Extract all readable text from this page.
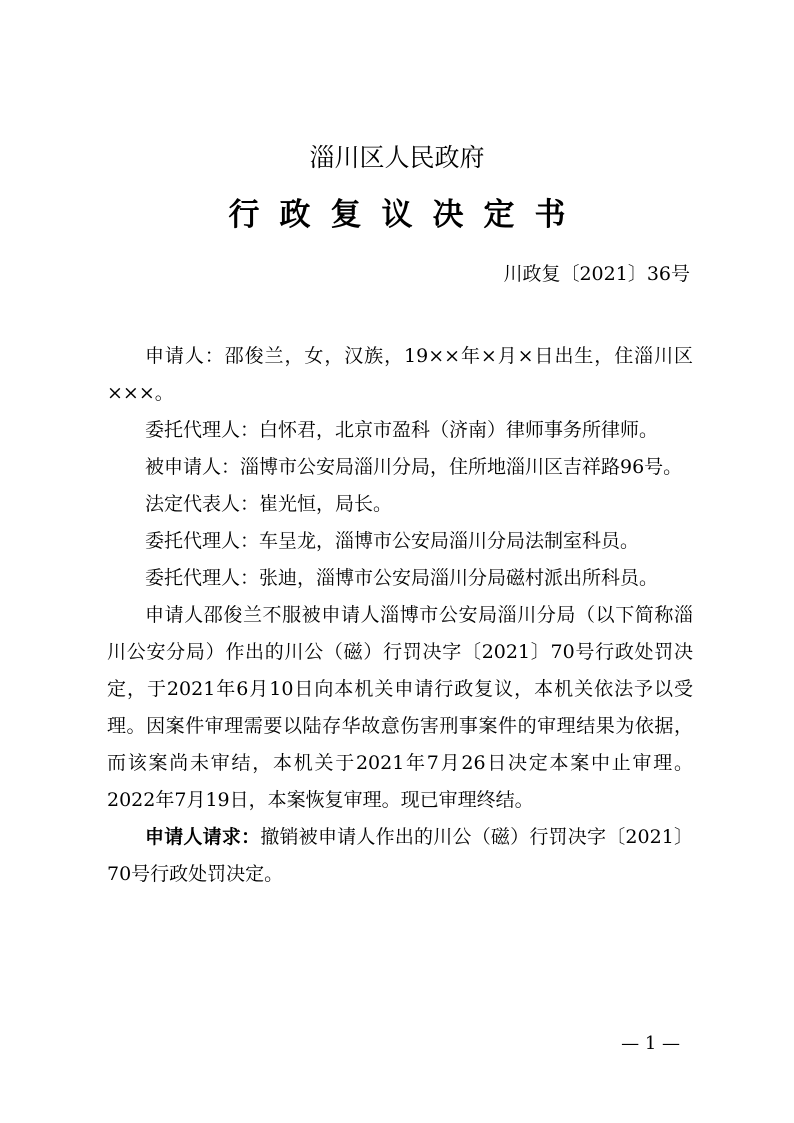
淄川区人民政府
行政复议决定书
川政复〔2021〕36号

申请人：邵俊兰，女，汉族，19××年×月×日出生，住淄川区×××。

委托代理人：白怀君，北京市盈科（济南）律师事务所律师。

被申请人：淄博市公安局淄川分局，住所地淄川区吉祥路96号。

法定代表人：崔光恒，局长。

委托代理人：车呈龙，淄博市公安局淄川分局法制室科员。

委托代理人：张迪，淄博市公安局淄川分局磁村派出所科员。

申请人邵俊兰不服被申请人淄博市公安局淄川分局（以下简称淄川公安分局）作出的川公（磁）行罚决字〔2021〕70号行政处罚决定，于2021年6月10日向本机关申请行政复议，本机关依法予以受理。因案件审理需要以陆存华故意伤害刑事案件的审理结果为依据，而该案尚未审结，本机关于2021年7月26日决定本案中止审理。2022年7月19日，本案恢复审理。现已审理终结。

申请人请求：撤销被申请人作出的川公（磁）行罚决字〔2021〕70号行政处罚决定。

— 1 —
